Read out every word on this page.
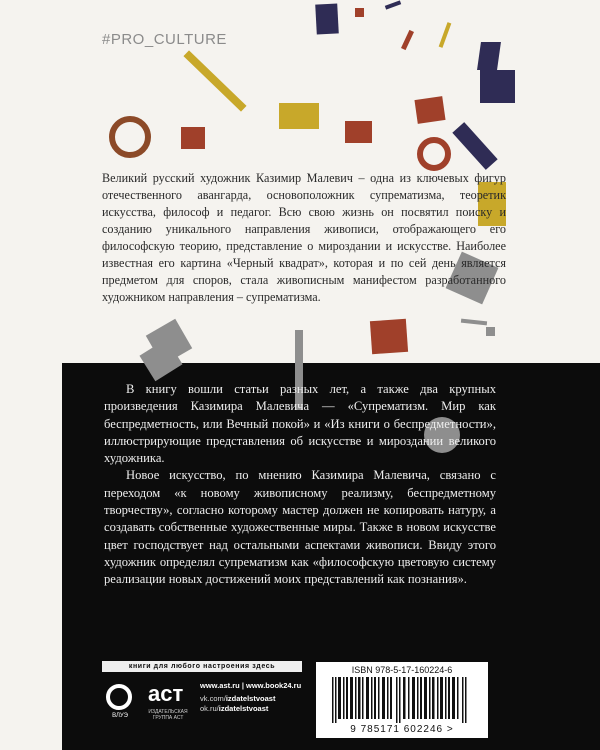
#PRO_CULTURE

Великий русский художник Казимир Малевич – одна из ключевых фигур отечественного авангарда, основоположник супрематизма, теоретик искусства, философ и педагог. Всю свою жизнь он посвятил поиску и созданию уникального направления живописи, отображающего его философскую теорию, представление о мироздании и искусстве. Наиболее известная его картина «Черный квадрат», которая и по сей день является предметом для споров, стала живописным манифестом разработанного художником направления – супрематизма.

В книгу вошли статьи разных лет, а также два крупных произведения Казимира Малевича — «Супрематизм. Мир как беспредметность, или Вечный покой» и «Из книги о беспредметности», иллюстрирующие представления об искусстве и мироздании великого художника.

Новое искусство, по мнению Казимира Малевича, связано с переходом «к новому живописному реализму, беспредметному творчеству», согласно которому мастер должен не копировать натуру, а создавать собственные художественные миры. Также в новом искусстве цвет господствует над остальными аспектами живописи. Ввиду этого художник определял супрематизм как «философскую цветовую систему реализации новых достижений моих представлений как познания».

книги для любого настроения здесь
ВЛУЭ
аст
ИЗДАТЕЛЬСКАЯ ГРУППА АСТ
www.ast.ru | www.book24.ru
vk.com/izdatelstvoast
ok.ru/izdatelstvoast
ISBN 978-5-17-160224-6
9 785171 602246 >
